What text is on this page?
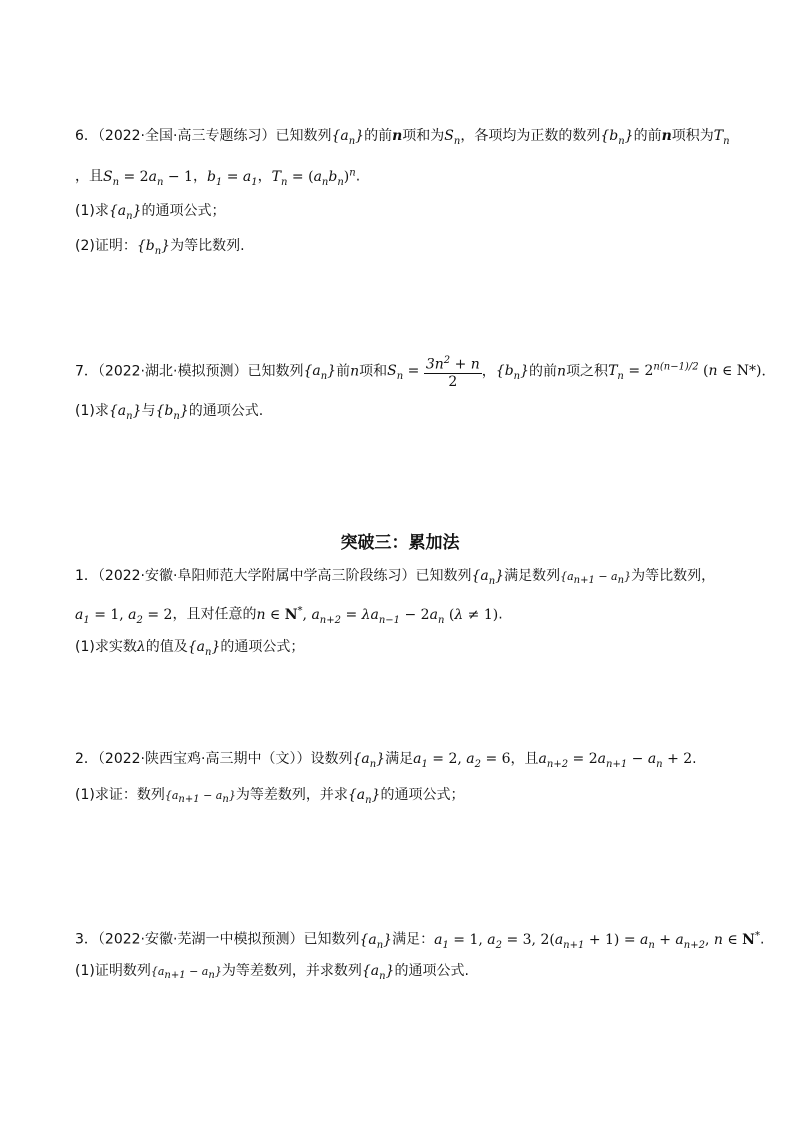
6．（2022·全国·高三专题练习）已知数列$\{a_n\}$的前n项和为$S_n$，各项均为正数的数列$\{b_n\}$的前n项积为$T_n$
，且$S_n = 2a_n - 1$，$b_1 = a_1$，$T_n = (a_nb_n)^n$.
(1)求$\{a_n\}$的通项公式；
(2)证明：$\{b_n\}$为等比数列.
7．（2022·湖北·模拟预测）已知数列$\{a_n\}$前n项和$S_n = \frac{3n^2 + n}{2}$ ，$\{b_n\}$的前n项之积$T_n = 2^{n(n-1)/2}$ (n ∈ N*)．
(1)求$\{a_n\}$与$\{b_n\}$的通项公式.
突破三：累加法
1．（2022·安徽·阜阳师范大学附属中学高三阶段练习）已知数列$\{a_n\}$满足数列$\{a_{n+1} - a_n\}$为等比数列，
$a_1 = 1$, $a_2 = 2$，且对任意的n ∈ N*, $a_{n+2} = \lambda a_{n-1} - 2a_n$ (λ ≠ 1).
(1)求实数λ的值及$\{a_n\}$的通项公式；
2．（2022·陕西宝鸡·高三期中（文））设数列$\{a_n\}$满足$a_1 = 2$, $a_2 = 6$，且$a_{n+2} = 2a_{n+1} - a_n + 2$.
(1)求证：数列$\{a_{n+1} - a_n\}$为等差数列，并求$\{a_n\}$的通项公式；
3．（2022·安徽·芜湖一中模拟预测）已知数列$\{a_n\}$满足：$a_1 = 1$, $a_2 = 3$, $2(a_{n+1} + 1) = a_n + a_{n+2}$, n ∈ N*.
(1)证明数列$\{a_{n+1} - a_n\}$为等差数列，并求数列$\{a_n\}$的通项公式.
